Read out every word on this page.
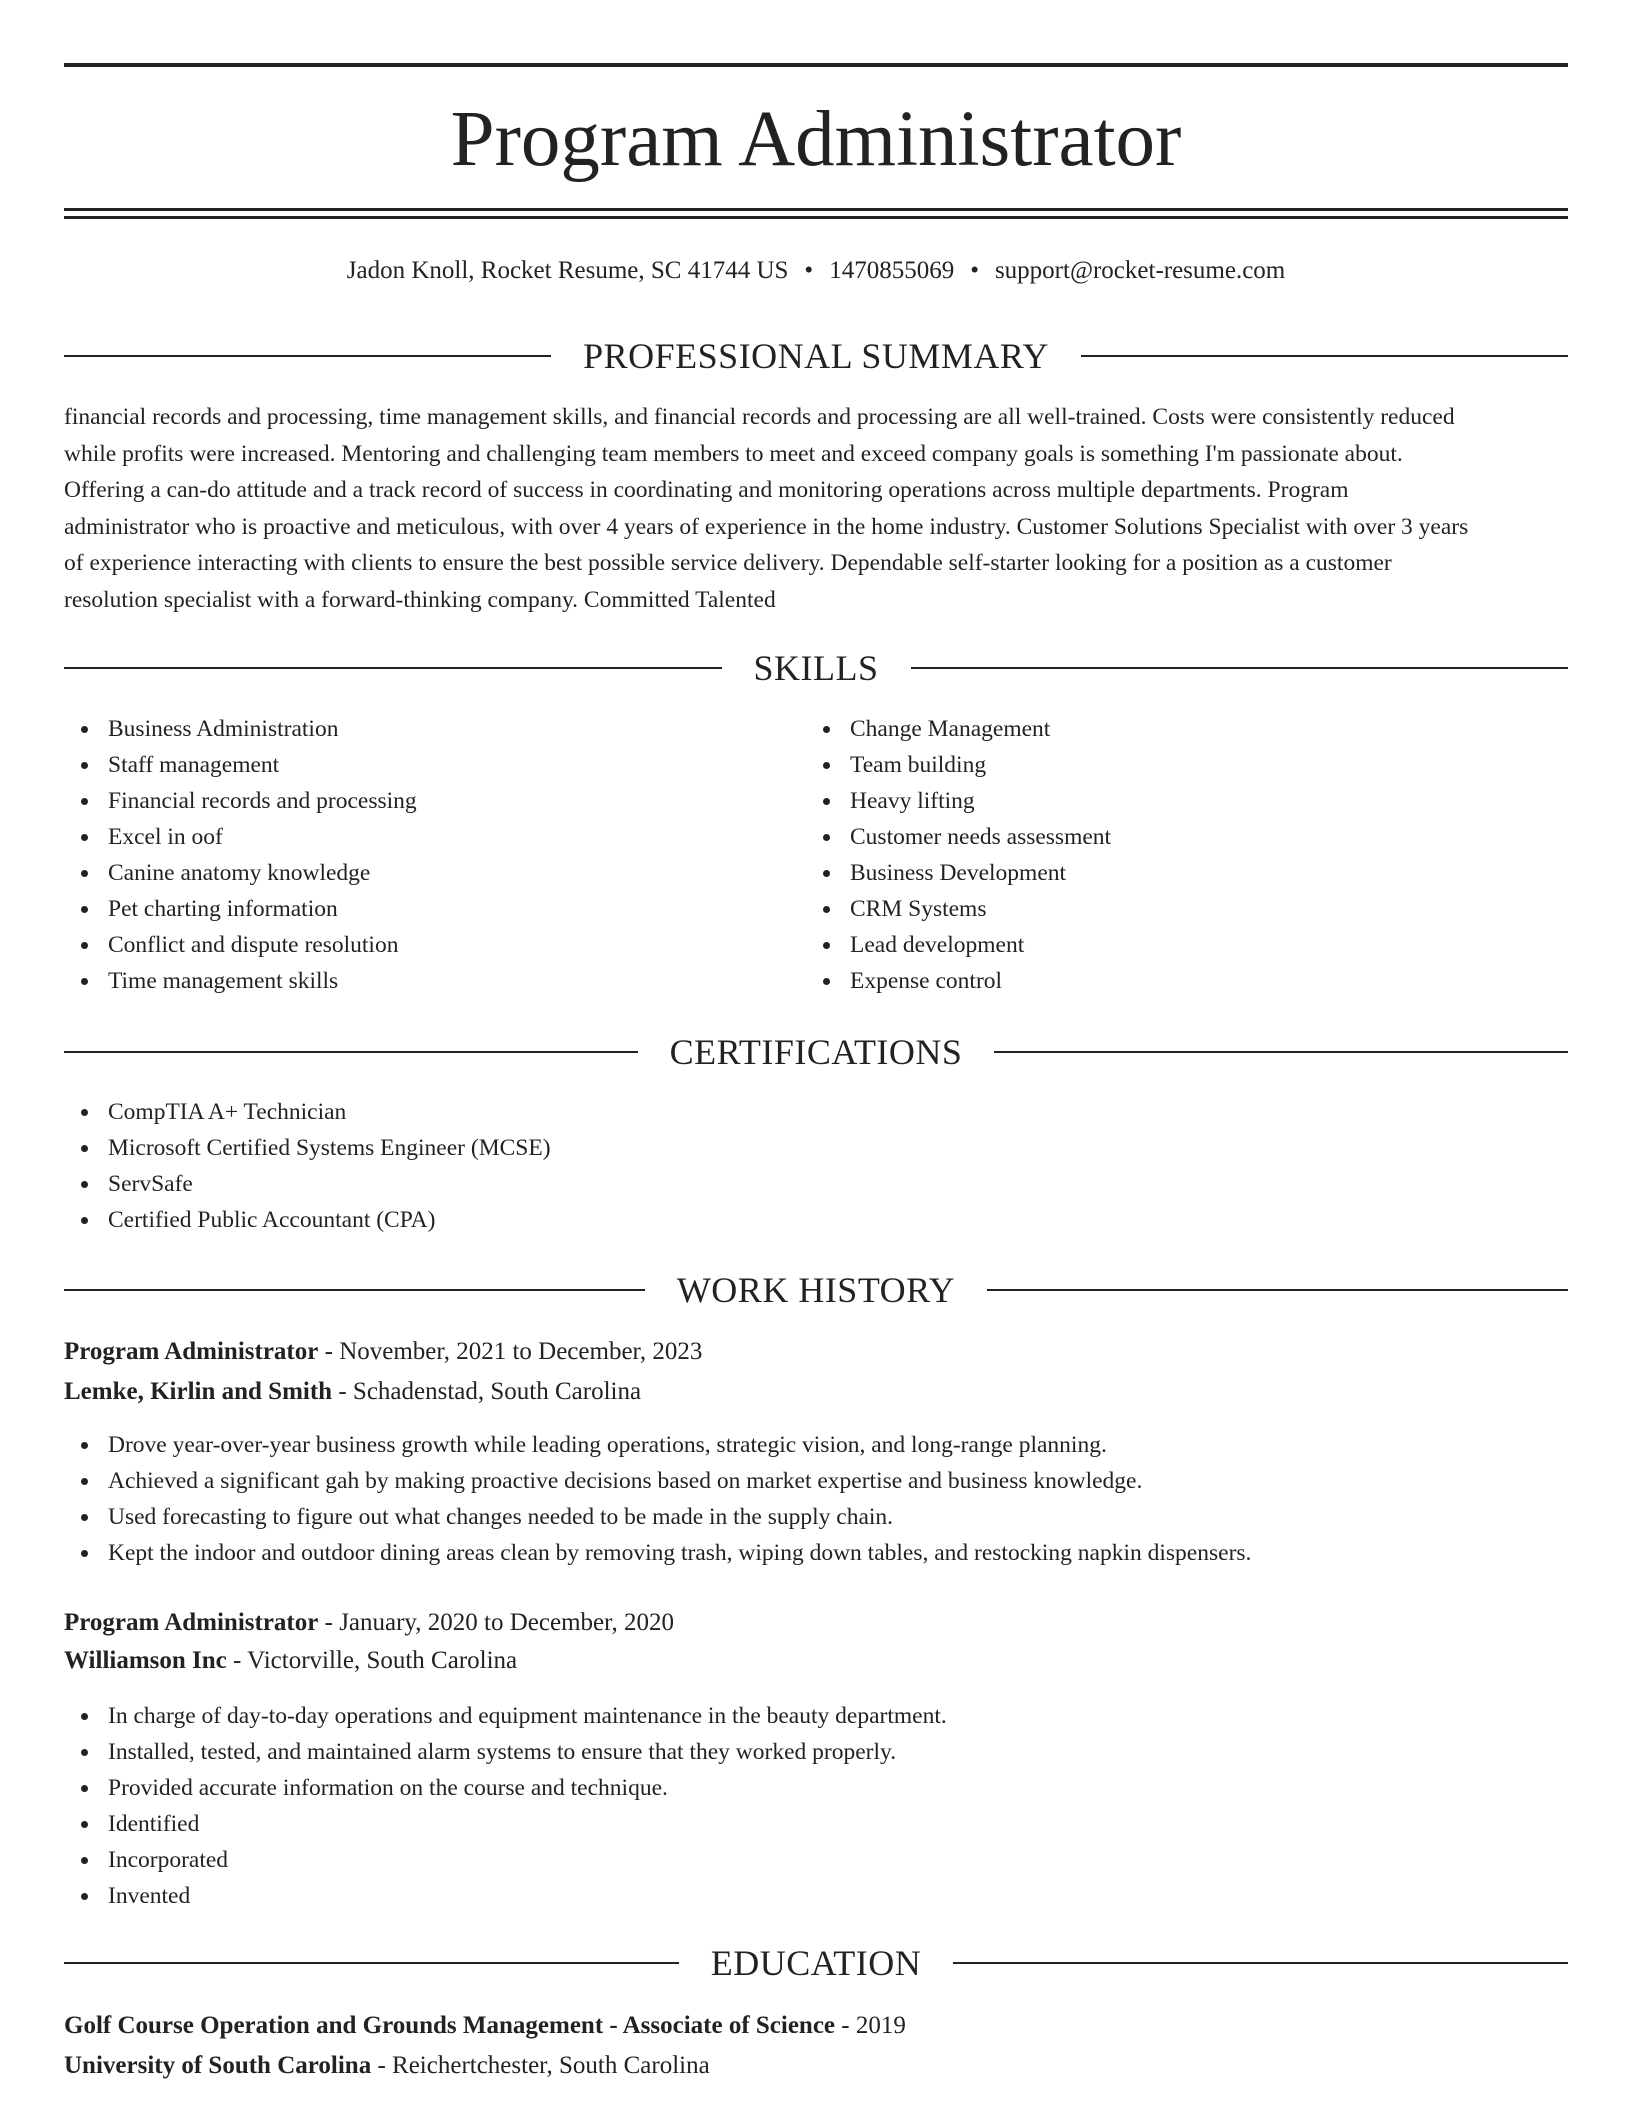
Program Administrator
Jadon Knoll, Rocket Resume, SC 41744 US • 1470855069 • support@rocket-resume.com
PROFESSIONAL SUMMARY
financial records and processing, time management skills, and financial records and processing are all well-trained. Costs were consistently reduced
while profits were increased. Mentoring and challenging team members to meet and exceed company goals is something I'm passionate about.
Offering a can-do attitude and a track record of success in coordinating and monitoring operations across multiple departments. Program
administrator who is proactive and meticulous, with over 4 years of experience in the home industry. Customer Solutions Specialist with over 3 years
of experience interacting with clients to ensure the best possible service delivery. Dependable self-starter looking for a position as a customer
resolution specialist with a forward-thinking company. Committed Talented
SKILLS
Business Administration
Staff management
Financial records and processing
Excel in oof
Canine anatomy knowledge
Pet charting information
Conflict and dispute resolution
Time management skills
Change Management
Team building
Heavy lifting
Customer needs assessment
Business Development
CRM Systems
Lead development
Expense control
CERTIFICATIONS
CompTIA A+ Technician
Microsoft Certified Systems Engineer (MCSE)
ServSafe
Certified Public Accountant (CPA)
WORK HISTORY
Program Administrator - November, 2021 to December, 2023
Lemke, Kirlin and Smith - Schadenstad, South Carolina
Drove year-over-year business growth while leading operations, strategic vision, and long-range planning.
Achieved a significant gah by making proactive decisions based on market expertise and business knowledge.
Used forecasting to figure out what changes needed to be made in the supply chain.
Kept the indoor and outdoor dining areas clean by removing trash, wiping down tables, and restocking napkin dispensers.
Program Administrator - January, 2020 to December, 2020
Williamson Inc - Victorville, South Carolina
In charge of day-to-day operations and equipment maintenance in the beauty department.
Installed, tested, and maintained alarm systems to ensure that they worked properly.
Provided accurate information on the course and technique.
Identified
Incorporated
Invented
EDUCATION
Golf Course Operation and Grounds Management - Associate of Science - 2019
University of South Carolina - Reichertchester, South Carolina
